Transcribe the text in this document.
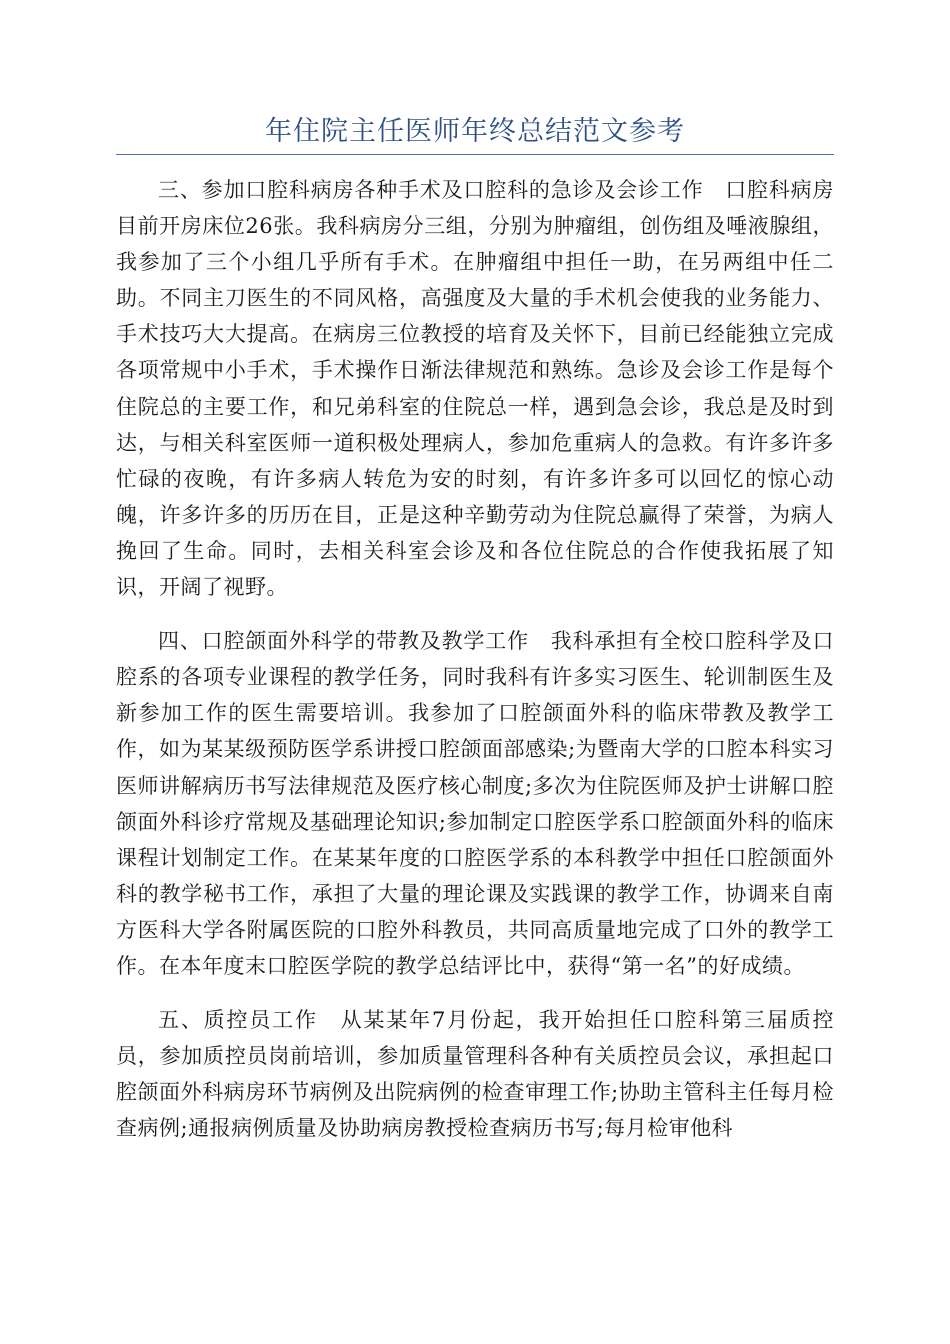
年住院主任医师年终总结范文参考

三、参加口腔科病房各种手术及口腔科的急诊及会诊工作　口腔科病房目前开房床位26张。我科病房分三组，分别为肿瘤组，创伤组及唾液腺组，我参加了三个小组几乎所有手术。在肿瘤组中担任一助，在另两组中任二助。不同主刀医生的不同风格，高强度及大量的手术机会使我的业务能力、手术技巧大大提高。在病房三位教授的培育及关怀下，目前已经能独立完成各项常规中小手术，手术操作日渐法律规范和熟练。急诊及会诊工作是每个住院总的主要工作，和兄弟科室的住院总一样，遇到急会诊，我总是及时到达，与相关科室医师一道积极处理病人，参加危重病人的急救。有许多许多忙碌的夜晚，有许多病人转危为安的时刻，有许多许多可以回忆的惊心动魄，许多许多的历历在目，正是这种辛勤劳动为住院总赢得了荣誉，为病人挽回了生命。同时，去相关科室会诊及和各位住院总的合作使我拓展了知识，开阔了视野。

四、口腔颌面外科学的带教及教学工作　我科承担有全校口腔科学及口腔系的各项专业课程的教学任务，同时我科有许多实习医生、轮训制医生及新参加工作的医生需要培训。我参加了口腔颌面外科的临床带教及教学工作，如为某某级预防医学系讲授口腔颌面部感染;为暨南大学的口腔本科实习医师讲解病历书写法律规范及医疗核心制度;多次为住院医师及护士讲解口腔颌面外科诊疗常规及基础理论知识;参加制定口腔医学系口腔颌面外科的临床课程计划制定工作。在某某年度的口腔医学系的本科教学中担任口腔颌面外科的教学秘书工作，承担了大量的理论课及实践课的教学工作，协调来自南方医科大学各附属医院的口腔外科教员，共同高质量地完成了口外的教学工作。在本年度末口腔医学院的教学总结评比中，获得“第一名”的好成绩。

五、质控员工作　从某某年7月份起，我开始担任口腔科第三届质控员，参加质控员岗前培训，参加质量管理科各种有关质控员会议，承担起口腔颌面外科病房环节病例及出院病例的检查审理工作;协助主管科主任每月检查病例;通报病例质量及协助病房教授检查病历书写;每月检审他科
